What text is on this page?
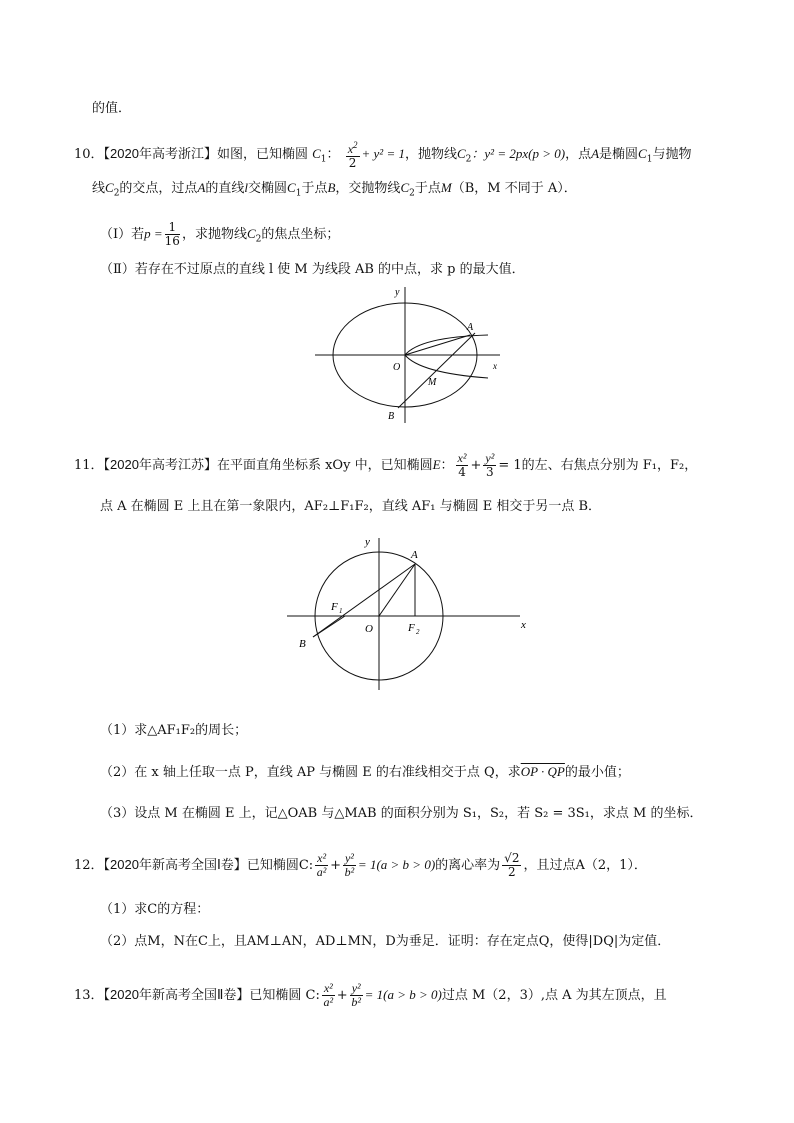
的值．
10．【2020年高考浙江】如图，已知椭圆 $C_1$： $\frac{x^2}{2} + y^2 = 1$，抛物线$C_2$：y² = 2px(p > 0)，点A是椭圆$C_1$与抛物
线$C_2$的交点，过点A的直线l交椭圆$C_1$于点B，交抛物线$C_2$于点M（B，M 不同于 A）．
（Ⅰ）若$p = \frac{1}{16}$ ，求抛物线$C_2$的焦点坐标；
（Ⅱ）若存在不过原点的直线 l 使 M 为线段 AB 的中点，求 p 的最大值．
y
x
O
A
M
B
11．【2020年高考江苏】在平面直角坐标系 xOy 中，已知椭圆E： $\frac{\text{x²}}{4} + \frac{\text{y²}}{3} = 1$的左、右焦点分别为 F₁，F₂，
点 A 在椭圆 E 上且在第一象限内，AF₂⊥F₁F₂，直线 AF₁ 与椭圆 E 相交于另一点 B．
y
x
O
A
F 1
F 2
B
（1）求△AF₁F₂的周长；
（2）在 x 轴上任取一点 P，直线 AP 与椭圆 E 的右准线相交于点 Q，求OP · QP的最小值；
（3）设点 M 在椭圆 E 上，记△OAB 与△MAB 的面积分别为 S₁，S₂，若 S₂ = 3S₁，求点 M 的坐标．
12．【2020年新高考全国Ⅰ卷】已知椭圆C: $\frac{\text{x²}}{\text{a²}} + \frac{\text{y²}}{\text{b²}} = 1(a > b > 0)$的离心率为 $\frac{√2}{2}$ ，且过点A（2，1）．
（1）求C的方程：
（2）点M，N在C上，且AM⊥AN，AD⊥MN，D为垂足．证明：存在定点Q，使得|DQ|为定值．
13．【2020年新高考全国Ⅱ卷】已知椭圆 C: $\frac{\text{x²}}{\text{a²}} + \frac{\text{y²}}{\text{b²}} = 1(a > b > 0)$过点 M（2，3）,点 A 为其左顶点，且
